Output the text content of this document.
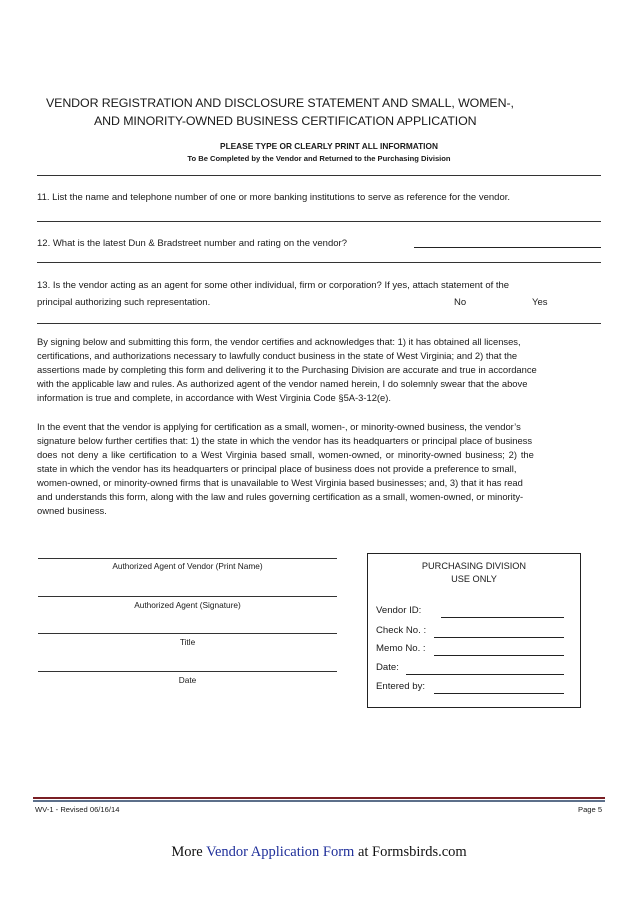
VENDOR REGISTRATION AND DISCLOSURE STATEMENT AND SMALL, WOMEN-,
AND MINORITY-OWNED BUSINESS CERTIFICATION APPLICATION
PLEASE TYPE OR CLEARLY PRINT ALL INFORMATION
To Be Completed by the Vendor and Returned to the Purchasing Division
11. List the name and telephone number of one or more banking institutions to serve as reference for the vendor.
12. What is the latest Dun & Bradstreet number and rating on the vendor?
13. Is the vendor acting as an agent for some other individual, firm or corporation? If yes, attach statement of the
principal authorizing such representation.	No	Yes

By signing below and submitting this form, the vendor certifies and acknowledges that: 1) it has obtained all licenses,

certifications, and authorizations necessary to lawfully conduct business in the state of West Virginia; and 2) that the

assertions made by completing this form and delivering it to the Purchasing Division are accurate and true in accordance

with the applicable law and rules. As authorized agent of the vendor named herein, I do solemnly swear that the above

information is true and complete, in accordance with West Virginia Code §5A-3-12(e).

In the event that the vendor is applying for certification as a small, women-, or minority-owned business, the vendor’s

signature below further certifies that: 1) the state in which the vendor has its headquarters or principal place of business

does not deny a like certification to a West Virginia based small, women-owned, or minority-owned business; 2) the

state in which the vendor has its headquarters or principal place of business does not provide a preference to small,

women-owned, or minority-owned firms that is unavailable to West Virginia based businesses; and, 3) that it has read

and understands this form, along with the law and rules governing certification as a small, women-owned, or minority-

owned business.

Authorized Agent of Vendor (Print Name)
Authorized Agent (Signature)
Title
Date
PURCHASING DIVISION
USE ONLY
Vendor ID:
Check No. :
Memo No. :
Date:
Entered by:
WV-1 - Revised 06/16/14	Page 5
More Vendor Application Form at Formsbirds.com
